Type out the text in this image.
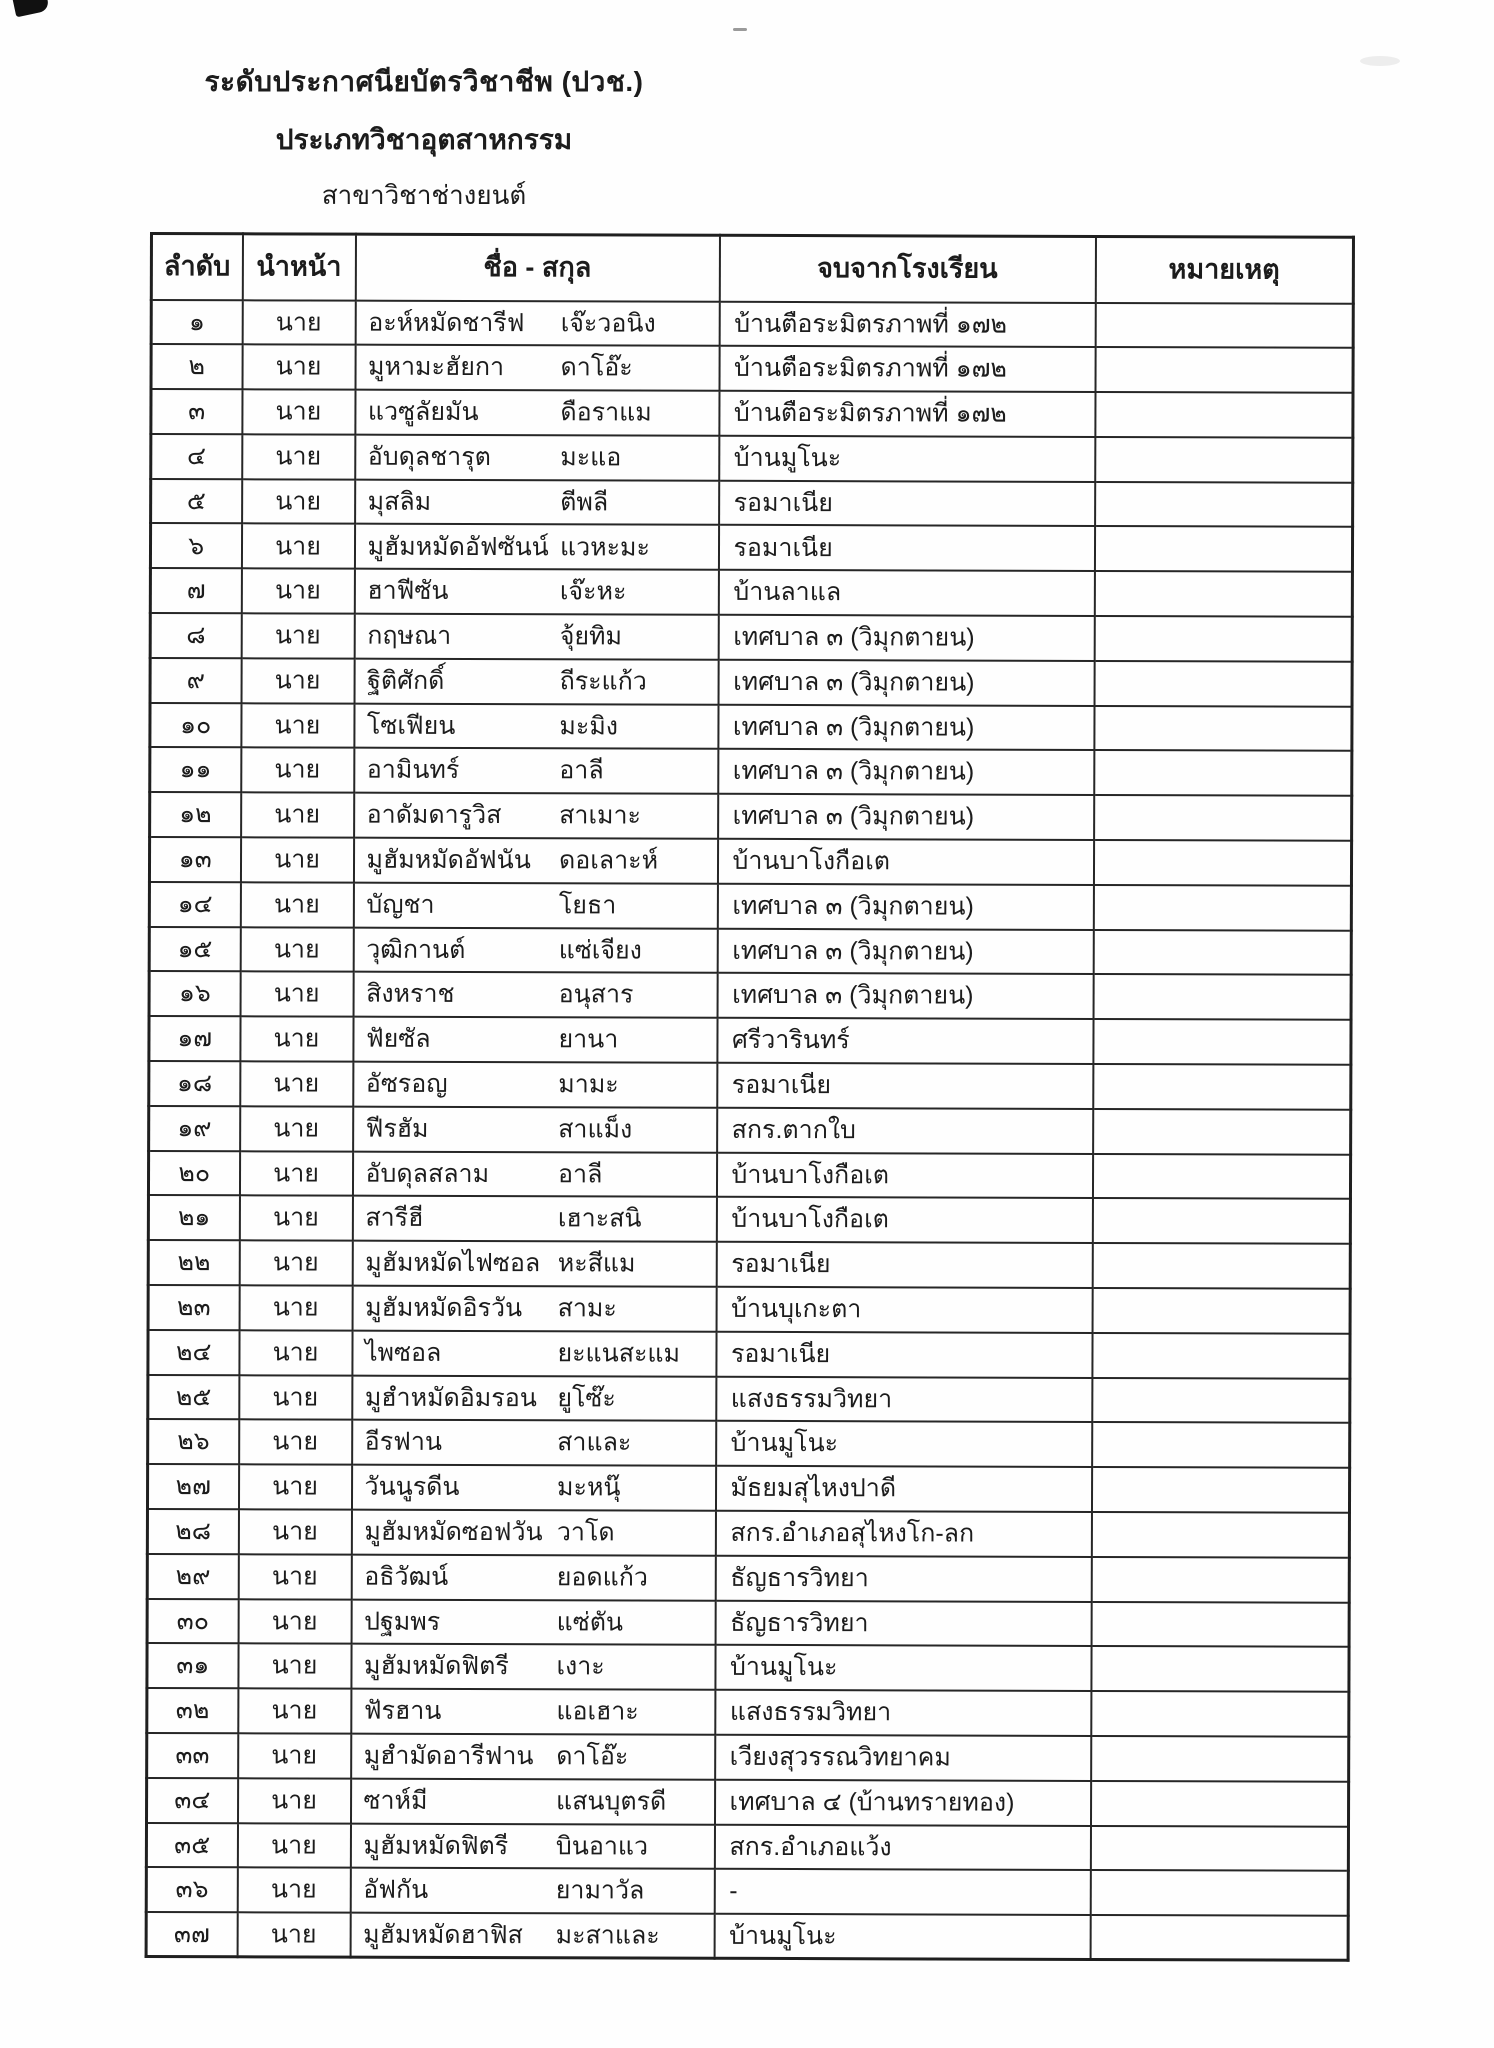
ระดับประกาศนียบัตรวิชาชีพ (ปวช.)
ประเภทวิชาอุตสาหกรรม
สาขาวิชาช่างยนต์
ลำดับ	นำหน้า	ชื่อ - สกุล	จบจากโรงเรียน	หมายเหตุ
๑	นาย	อะห์หมัดชารีฟ เจ๊ะวอนิง	บ้านตือระมิตรภาพที่ ๑๗๒	
๒	นาย	มูหามะฮัยกา ดาโอ๊ะ	บ้านตือระมิตรภาพที่ ๑๗๒	
๓	นาย	แวซูลัยมัน ดือราแม	บ้านตือระมิตรภาพที่ ๑๗๒	
๔	นาย	อับดุลชารุต มะแอ	บ้านมูโนะ	
๕	นาย	มุสลิม ตีพลี	รอมาเนีย	
๖	นาย	มูฮัมหมัดอัฟซันน์ แวหะมะ	รอมาเนีย	
๗	นาย	ฮาฟีซัน เจ๊ะหะ	บ้านลาแล	
๘	นาย	กฤษณา จุ้ยทิม	เทศบาล ๓ (วิมุกตายน)	
๙	นาย	ฐิติศักดิ์ ถีระแก้ว	เทศบาล ๓ (วิมุกตายน)	
๑๐	นาย	โซเฟียน มะมิง	เทศบาล ๓ (วิมุกตายน)	
๑๑	นาย	อามินทร์ อาลี	เทศบาล ๓ (วิมุกตายน)	
๑๒	นาย	อาดัมดารูวิส สาเมาะ	เทศบาล ๓ (วิมุกตายน)	
๑๓	นาย	มูฮัมหมัดอัฟนัน ดอเลาะห์	บ้านบาโงกือเต	
๑๔	นาย	บัญชา โยธา	เทศบาล ๓ (วิมุกตายน)	
๑๕	นาย	วุฒิกานต์ แซ่เจียง	เทศบาล ๓ (วิมุกตายน)	
๑๖	นาย	สิงหราช อนุสาร	เทศบาล ๓ (วิมุกตายน)	
๑๗	นาย	ฟัยซัล ยานา	ศรีวารินทร์	
๑๘	นาย	อัซรอญ มามะ	รอมาเนีย	
๑๙	นาย	ฟีรฮัม สาแม็ง	สกร.ตากใบ	
๒๐	นาย	อับดุลสลาม อาลี	บ้านบาโงกือเต	
๒๑	นาย	สารีฮี เฮาะสนิ	บ้านบาโงกือเต	
๒๒	นาย	มูฮัมหมัดไฟซอล หะสีแม	รอมาเนีย	
๒๓	นาย	มูฮัมหมัดอิรวัน สามะ	บ้านบุเกะตา	
๒๔	นาย	ไพซอล ยะแนสะแม	รอมาเนีย	
๒๕	นาย	มูฮำหมัดอิมรอน ยูโซ๊ะ	แสงธรรมวิทยา	
๒๖	นาย	อีรฟาน สาและ	บ้านมูโนะ	
๒๗	นาย	วันนูรดีน มะหนุ๊	มัธยมสุไหงปาดี	
๒๘	นาย	มูฮัมหมัดซอฟวัน วาโด	สกร.อำเภอสุไหงโก-ลก	
๒๙	นาย	อธิวัฒน์ ยอดแก้ว	ธัญธารวิทยา	
๓๐	นาย	ปฐมพร แซ่ตัน	ธัญธารวิทยา	
๓๑	นาย	มูฮัมหมัดฟิตรี เงาะ	บ้านมูโนะ	
๓๒	นาย	ฟัรฮาน แอเฮาะ	แสงธรรมวิทยา	
๓๓	นาย	มูฮำมัดอารีฟาน ดาโอ๊ะ	เวียงสุวรรณวิทยาคม	
๓๔	นาย	ซาห์มี แสนบุตรดี	เทศบาล ๔ (บ้านทรายทอง)	
๓๕	นาย	มูฮัมหมัดฟิตรี บินอาแว	สกร.อำเภอแว้ง	
๓๖	นาย	อัฟกัน ยามาวัล	-	
๓๗	นาย	มูฮัมหมัดฮาฟิส มะสาและ	บ้านมูโนะ	
